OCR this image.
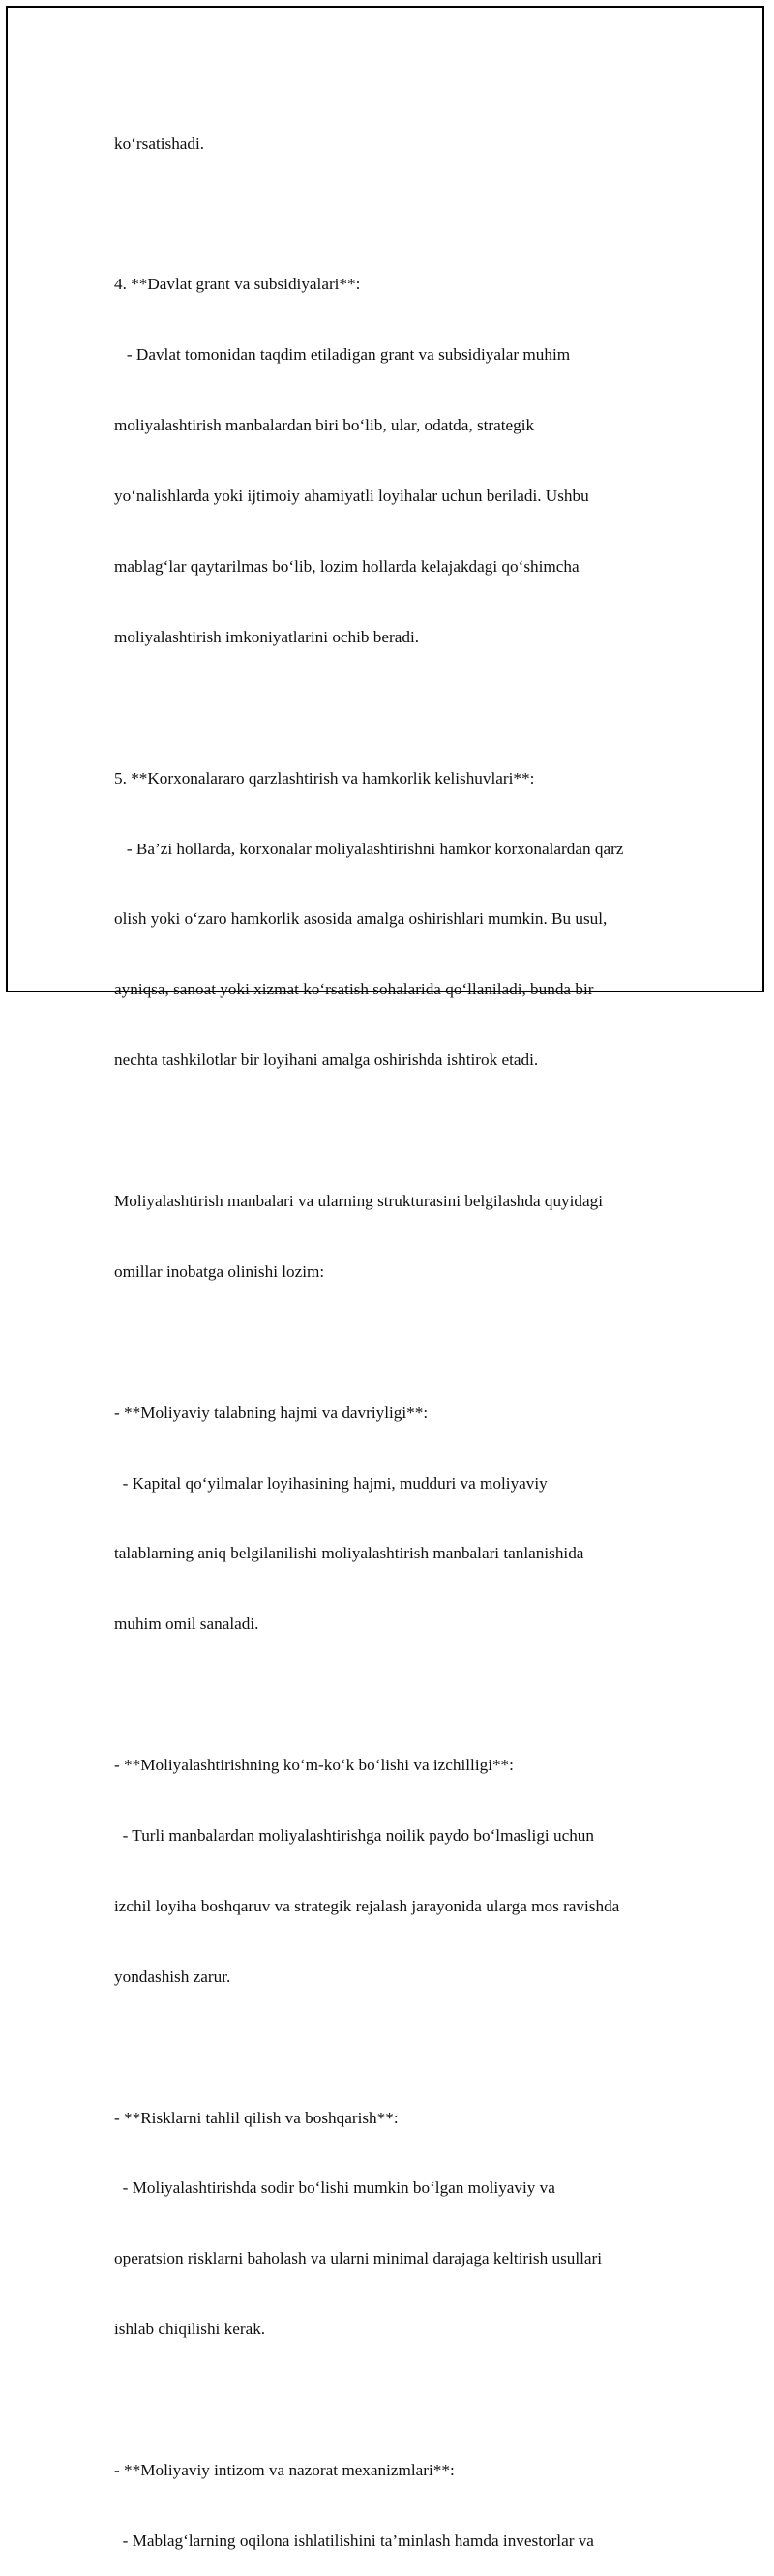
ko‘rsatishadi.

4. **Davlat grant va subsidiyalari**:

- Davlat tomonidan taqdim etiladigan grant va subsidiyalar muhim

moliyalashtirish manbalardan biri bo‘lib, ular, odatda, strategik

yo‘nalishlarda yoki ijtimoiy ahamiyatli loyihalar uchun beriladi. Ushbu

mablag‘lar qaytarilmas bo‘lib, lozim hollarda kelajakdagi qo‘shimcha

moliyalashtirish imkoniyatlarini ochib beradi.

5. **Korxonalararo qarzlashtirish va hamkorlik kelishuvlari**:

- Ba’zi hollarda, korxonalar moliyalashtirishni hamkor korxonalardan qarz

olish yoki o‘zaro hamkorlik asosida amalga oshirishlari mumkin. Bu usul,

ayniqsa, sanoat yoki xizmat ko‘rsatish sohalarida qo‘llaniladi, bunda bir

nechta tashkilotlar bir loyihani amalga oshirishda ishtirok etadi.

Moliyalashtirish manbalari va ularning strukturasini belgilashda quyidagi

omillar inobatga olinishi lozim:

- **Moliyaviy talabning hajmi va davriyligi**:

- Kapital qo‘yilmalar loyihasining hajmi, mudduri va moliyaviy

talablarning aniq belgilanilishi moliyalashtirish manbalari tanlanishida

muhim omil sanaladi.

- **Moliyalashtirishning ko‘m-ko‘k bo‘lishi va izchilligi**:

- Turli manbalardan moliyalashtirishga noilik paydo bo‘lmasligi uchun

izchil loyiha boshqaruv va strategik rejalash jarayonida ularga mos ravishda

yondashish zarur.

- **Risklarni tahlil qilish va boshqarish**:

- Moliyalashtirishda sodir bo‘lishi mumkin bo‘lgan moliyaviy va

operatsion risklarni baholash va ularni minimal darajaga keltirish usullari

ishlab chiqilishi kerak.

- **Moliyaviy intizom va nazorat mexanizmlari**:

- Mablag‘larning oqilona ishlatilishini ta’minlash hamda investorlar va
